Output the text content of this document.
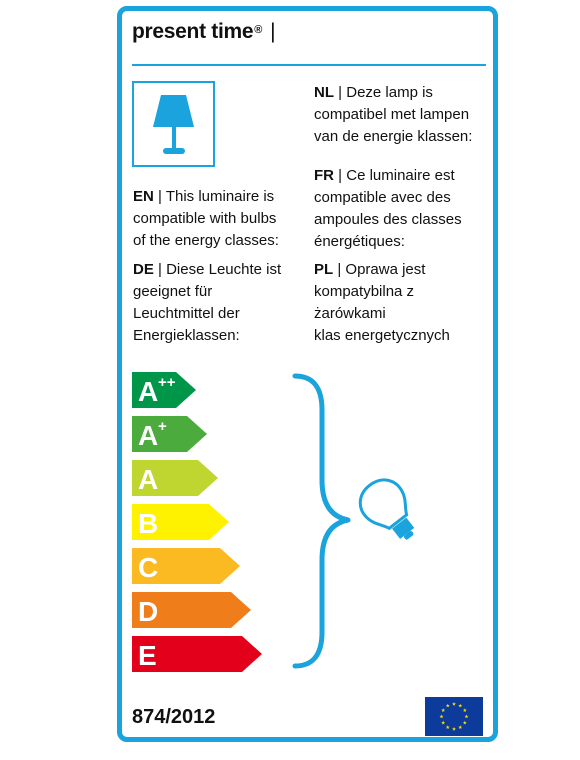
present time® |
EN | This luminaire is
compatible with bulbs
of the energy classes:
DE | Diese Leuchte ist
geeignet für
Leuchtmittel der
Energieklassen:
NL | Deze lamp is
compatibel met lampen
van de energie klassen:
FR | Ce luminaire est
compatible avec des
ampoules des classes
énergétiques:
PL | Oprawa jest
kompatybilna z
żarówkami
klas energetycznych
A ++
A +
A
B
C
D
E
874/2012
